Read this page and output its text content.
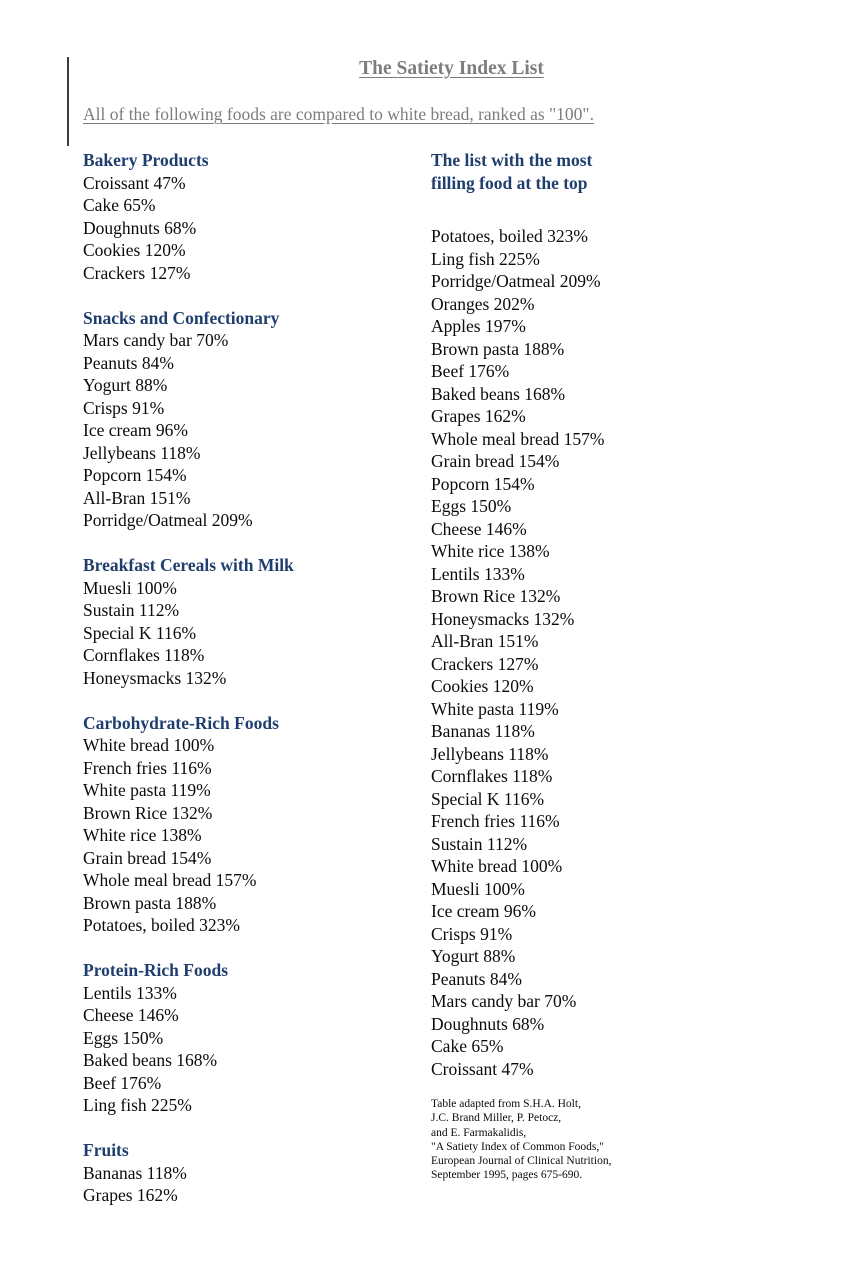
The Satiety Index List
All of the following foods are compared to white bread, ranked as "100".
Bakery Products
Croissant 47%
Cake 65%
Doughnuts 68%
Cookies 120%
Crackers 127%
Snacks and Confectionary
Mars candy bar 70%
Peanuts 84%
Yogurt 88%
Crisps 91%
Ice cream 96%
Jellybeans 118%
Popcorn 154%
All-Bran 151%
Porridge/Oatmeal 209%
Breakfast Cereals with Milk
Muesli 100%
Sustain 112%
Special K 116%
Cornflakes 118%
Honeysmacks 132%
Carbohydrate-Rich Foods
White bread 100%
French fries 116%
White pasta 119%
Brown Rice 132%
White rice 138%
Grain bread 154%
Whole meal bread 157%
Brown pasta 188%
Potatoes, boiled 323%
Protein-Rich Foods
Lentils 133%
Cheese 146%
Eggs 150%
Baked beans 168%
Beef 176%
Ling fish 225%
Fruits
Bananas 118%
Grapes 162%
The list with the most filling food at the top
Potatoes, boiled 323%
Ling fish 225%
Porridge/Oatmeal 209%
Oranges 202%
Apples 197%
Brown pasta 188%
Beef 176%
Baked beans 168%
Grapes 162%
Whole meal bread 157%
Grain bread 154%
Popcorn 154%
Eggs 150%
Cheese 146%
White rice 138%
Lentils 133%
Brown Rice 132%
Honeysmacks 132%
All-Bran 151%
Crackers 127%
Cookies 120%
White pasta 119%
Bananas 118%
Jellybeans 118%
Cornflakes 118%
Special K 116%
French fries 116%
Sustain 112%
White bread 100%
Muesli 100%
Ice cream 96%
Crisps 91%
Yogurt 88%
Peanuts 84%
Mars candy bar 70%
Doughnuts 68%
Cake 65%
Croissant 47%
Table adapted from S.H.A. Holt,
J.C. Brand Miller, P. Petocz,
and E. Farmakalidis,
"A Satiety Index of Common Foods,"
European Journal of Clinical Nutrition,
September 1995, pages 675-690.
